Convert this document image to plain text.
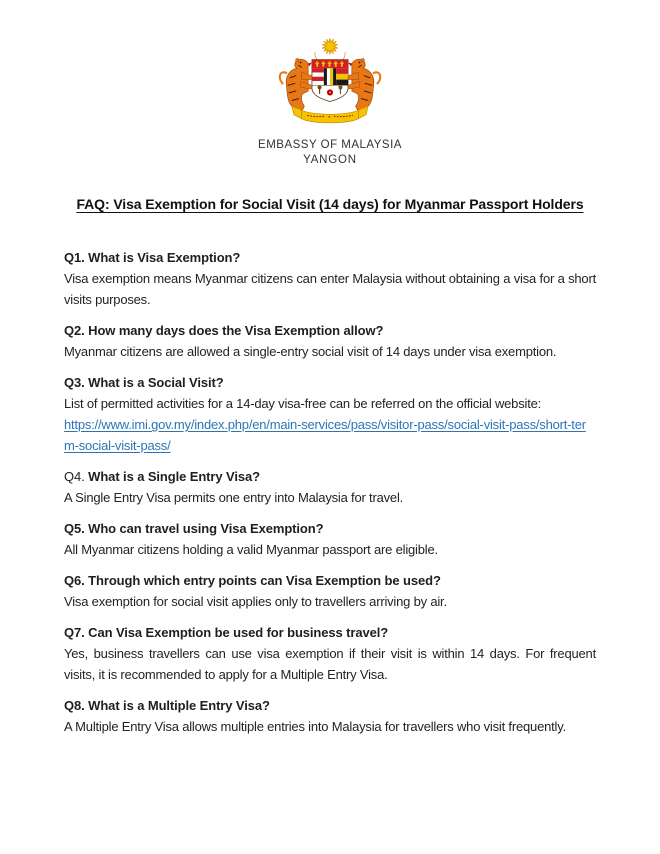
EMBASSY OF MALAYSIA
YANGON
FAQ: Visa Exemption for Social Visit (14 days) for Myanmar Passport Holders

Q1. What is Visa Exemption?

Visa exemption means Myanmar citizens can enter Malaysia without obtaining a visa for a short visits purposes.

Q2. How many days does the Visa Exemption allow?

Myanmar citizens are allowed a single-entry social visit of 14 days under visa exemption.

Q3. What is a Social Visit?

List of permitted activities for a 14-day visa-free can be referred on the official website:

https://www.imi.gov.my/index.php/en/main-services/pass/visitor-pass/social-visit-pass/short-term-social-visit-pass/

Q4. What is a Single Entry Visa?

A Single Entry Visa permits one entry into Malaysia for travel.

Q5. Who can travel using Visa Exemption?

All Myanmar citizens holding a valid Myanmar passport are eligible.

Q6. Through which entry points can Visa Exemption be used?

Visa exemption for social visit applies only to travellers arriving by air.

Q7. Can Visa Exemption be used for business travel?

Yes, business travellers can use visa exemption if their visit is within 14 days. For frequent visits, it is recommended to apply for a Multiple Entry Visa.

Q8. What is a Multiple Entry Visa?

A Multiple Entry Visa allows multiple entries into Malaysia for travellers who visit frequently.
